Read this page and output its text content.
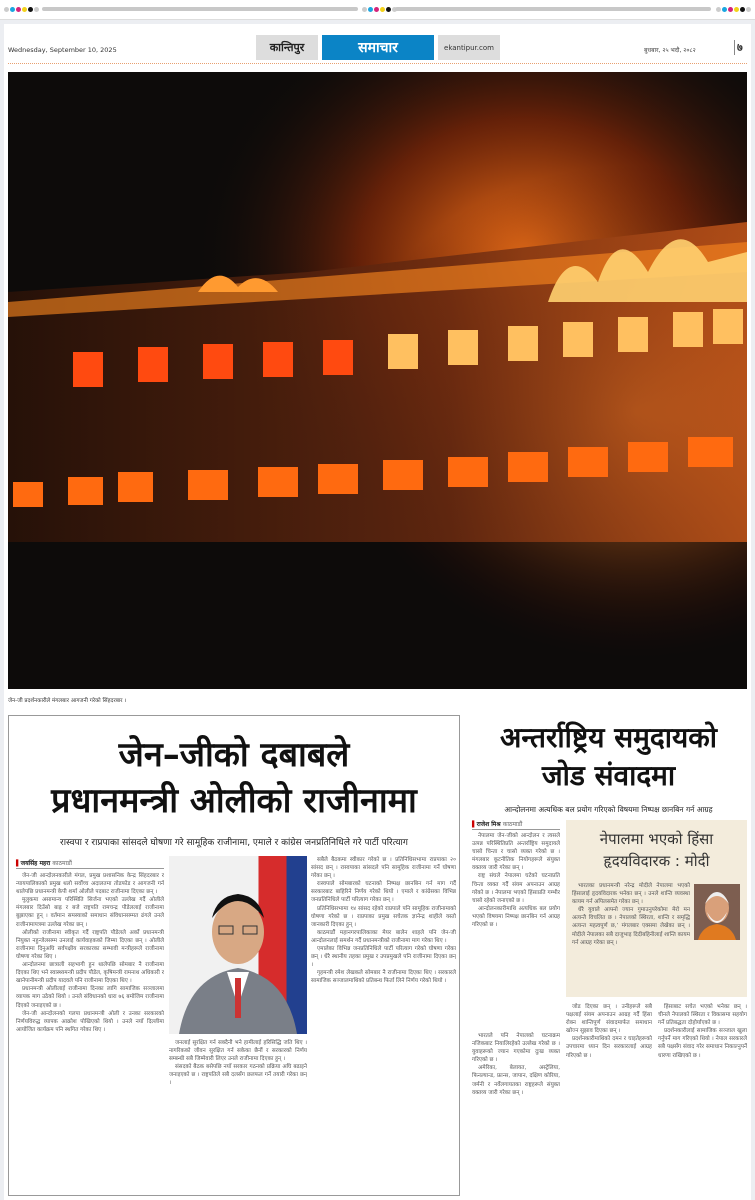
Wednesday, September 10, 2025	कान्तिपुर	समाचार	ekantipur.com	बुधबार, २५ भदौ, २०८२	७
जेन-जी प्रदर्शनकारीले मंगलबार आगजनी गरेको सिंहदरबार ।
जेन–जीको दबाबले
प्रधानमन्त्री ओलीको राजीनामा
रास्वपा र राप्रपाका सांसदले घोषणा गरे सामूहिक राजीनामा, एमाले र कांग्रेस जनप्रतिनिधिले गरे पार्टी परित्याग
▌जयसिंह महरा काठमाडौं

जेन-जी आन्दोलनकारीले मंगल, प्रमुख प्रशासनिक केन्द्र सिंहदरबार र न्यायपालिकाको प्रमुख थलो सर्वोच्च अदालतमा तोडफोड र आगजनी गर्न थालेपछि प्रधानमन्त्री केपी शर्मा ओलीले पदबाट राजीनामा दिएका छन् ।

मुलुकमा असामान्य परिस्थिति सिर्जना भएको उल्लेख गर्दै ओलीले मंगलबार दिउँसो बाह्र र बजे राष्ट्रपति रामचन्द्र पौडेललाई राजीनामा बुझाएका हुन् । वर्तमान समस्याको समाधान संविधानसम्मत ढंगले उनले राजीनामापत्रमा उल्लेख गरेका छन् ।

ओलीको राजीनामा स्वीकृत गर्दै राष्ट्रपति पौडेलले अर्को प्रधानमन्त्री नियुक्त नहुन्जेलसम्म उनलाई कार्यवाहकको जिम्मा दिएका छन् । ओलीले राजीनामा दिनुअघि सर्वपक्षीय सरकारका सम्भावी मन्त्रीहरूले राजीनामा घोषणा गरेका थिए ।

आन्दोलनमा छात्राली सहभागी हुन थालेपछि सोमबार नै राजीनामा दिएका थिए भने स्वास्थ्यमन्त्री प्रदीप पौडेल, कृषिमन्त्री रामनाथ अधिकारी र खानेपानीमन्त्री प्रदीप यादवले पनि राजीनामा दिएका थिए ।

प्रधानमन्त्री ओलीलाई राजीनामा दिनका लागि सामाजिक सञ्जालमा व्यापक माग उठेको थियो । उनले संविधानको धारा ७६ बमोजिम राजीनामा दिएको जनाइएको छ ।

जेन-जी आन्दोलनको गलपा प्रधानमन्त्री ओली र उनका सरकारको निर्णयविरुद्ध व्यापक आक्रोश पोखिएको थियो । उनले नयाँ दिल्लीमा आयोजित कार्यक्रम पनि स्थगित गरेका थिए ।

जनलाई सुरक्षित गर्न सक्दैनौ भने हामीलाई हरिसिद्धि जति थिए । नागरिकको जीवन सुरक्षित गर्न सकेका छैनौं र सरकारको निर्णय सम्बन्धी सबै जिम्मेवारी लिएर उनले राजीनामा दिएका हुन् ।

संसदको बैठक बसेपछि नयाँ सरकार गठनको प्रक्रिया अघि बढाइने जनाइएको छ । राष्ट्रपतिले सबै दलसँग छलफल गर्ने तयारी गरेका छन् ।

सबैले बैठकमा स्वीकार गरेको छ । प्रतिनिधिसभामा राप्रपाका २० सांसद छन् । रास्वपाका सांसदले पनि सामूहिक राजीनामा गर्ने घोषणा गरेका छन् ।

रास्वपाले सोमबारको घटनाको निष्पक्ष छानबिन गर्न माग गर्दै सरकारबाट बाहिरिने निर्णय गरेको थियो । एमाले र कांग्रेसका विभिन्न जनप्रतिनिधिले पार्टी परित्याग गरेका छन् ।

प्रतिनिधिसभामा १४ सांसद रहेको राप्रपाले पनि सामूहिक राजीनामाको घोषणा गरेको छ । राप्रपाका प्रमुख सचेतक ज्ञानेन्द्र शाहीले यस्तो जानकारी दिएका हुन् ।

काठमाडौं महानगरपालिकाका मेयर बालेन शाहले पनि जेन-जी आन्दोलनलाई समर्थन गर्दै प्रधानमन्त्रीको राजीनामा माग गरेका थिए ।

एमालेका विभिन्न जनप्रतिनिधिले पार्टी परित्याग गरेको घोषणा गरेका छन् । धेरै स्थानीय तहका प्रमुख र उपप्रमुखले पनि राजीनामा दिएका छन् ।

गृहमन्त्री रमेश लेखकले सोमबार नै राजीनामा दिएका थिए । सरकारले सामाजिक सञ्जालमाथिको प्रतिबन्ध फिर्ता लिने निर्णय गरेको थियो ।

अन्तर्राष्ट्रिय समुदायको
जोड संवादमा
आन्दोलनमा अत्यधिक बल प्रयोग गरिएको विषयमा निष्पक्ष छानबिन गर्न आग्रह
▌राजेश मिश्र काठमाडौं

नेपालमा जेन-जीको आन्दोलन र त्यसले उत्पन्न परिस्थितिप्रति अन्तर्राष्ट्रिय समुदायले चासो चिन्ता र चासो व्यक्त गरेको छ । मंगलबार कूटनीतिक नियोगहरूले संयुक्त वक्तव्य जारी गरेका छन् ।

राष्ट्र संघले नेपालमा घटेको घटनाप्रति चिन्ता व्यक्त गर्दै संयम अपनाउन आग्रह गरेको छ । नेपालमा भएको हिंसाप्रति गम्भीर चासो रहेको जनाएको छ ।

आन्दोलनकारीमाथि अत्यधिक बल प्रयोग भएको विषयमा निष्पक्ष छानबिन गर्न आग्रह गरिएको छ ।

नेपालमा भएको हिंसा
हृदयविदारक : मोदी

भारतका प्रधानमन्त्री नरेन्द्र मोदीले नेपालमा भएको हिंसालाई हृदयविदारक भनेका छन् । उनले शान्ति व्यवस्था कायम गर्न अपिलसमेत गरेका छन् ।

धेरै युवाले आफ्नो ज्यान गुमाउनुपरेकोमा मेरो मन अत्यन्तै विचलित छ । नेपालको स्थिरता, शान्ति र समृद्धि अत्यन्त महत्वपूर्ण छ,’ मंगलबार एक्समा लेखेका छन् । मोदीले नेपालका सबै दाजुभाइ दिदीबहिनीलाई शान्ति कायम गर्न आग्रह गरेका छन् ।

भारतले पनि नेपालको घटनाक्रम नजिकबाट नियालिरहेको उल्लेख गरेको छ । युवाहरूको ज्यान गएकोमा दुःख व्यक्त गरिएको छ ।

अमेरिका, बेलायत, अस्ट्रेलिया, फिनल्यान्ड, फ्रान्स, जापान, दक्षिण कोरिया, जर्मनी र नर्वेलगायतका राष्ट्रहरूले संयुक्त वक्तव्य जारी गरेका छन् ।

जोड दिएका छन् । उनीहरूले सबै पक्षलाई संयम अपनाउन आग्रह गर्दै हिंसा रोक्न शान्तिपूर्ण संवादमार्फत समाधान खोज्न सुझाव दिएका छन् ।

प्रदर्शनकारीमाथिको दमन र घाइतेहरूको उपचारमा ध्यान दिन सरकारलाई आग्रह गरिएको छ ।

हिंसाबाट सचेत भएको भनेका छन् । चीनले नेपालको स्थिरता र विकासमा सहयोग गर्ने प्रतिबद्धता दोहोर्याएको छ ।

प्रदर्शनकारीलाई सामाजिक सञ्जाल खुला गर्नुपर्ने माग गरिएको थियो । नेपाल सरकारले सबै पक्षसँग संवाद गरेर समाधान निकाल्नुपर्ने धारणा राखिएको छ ।
